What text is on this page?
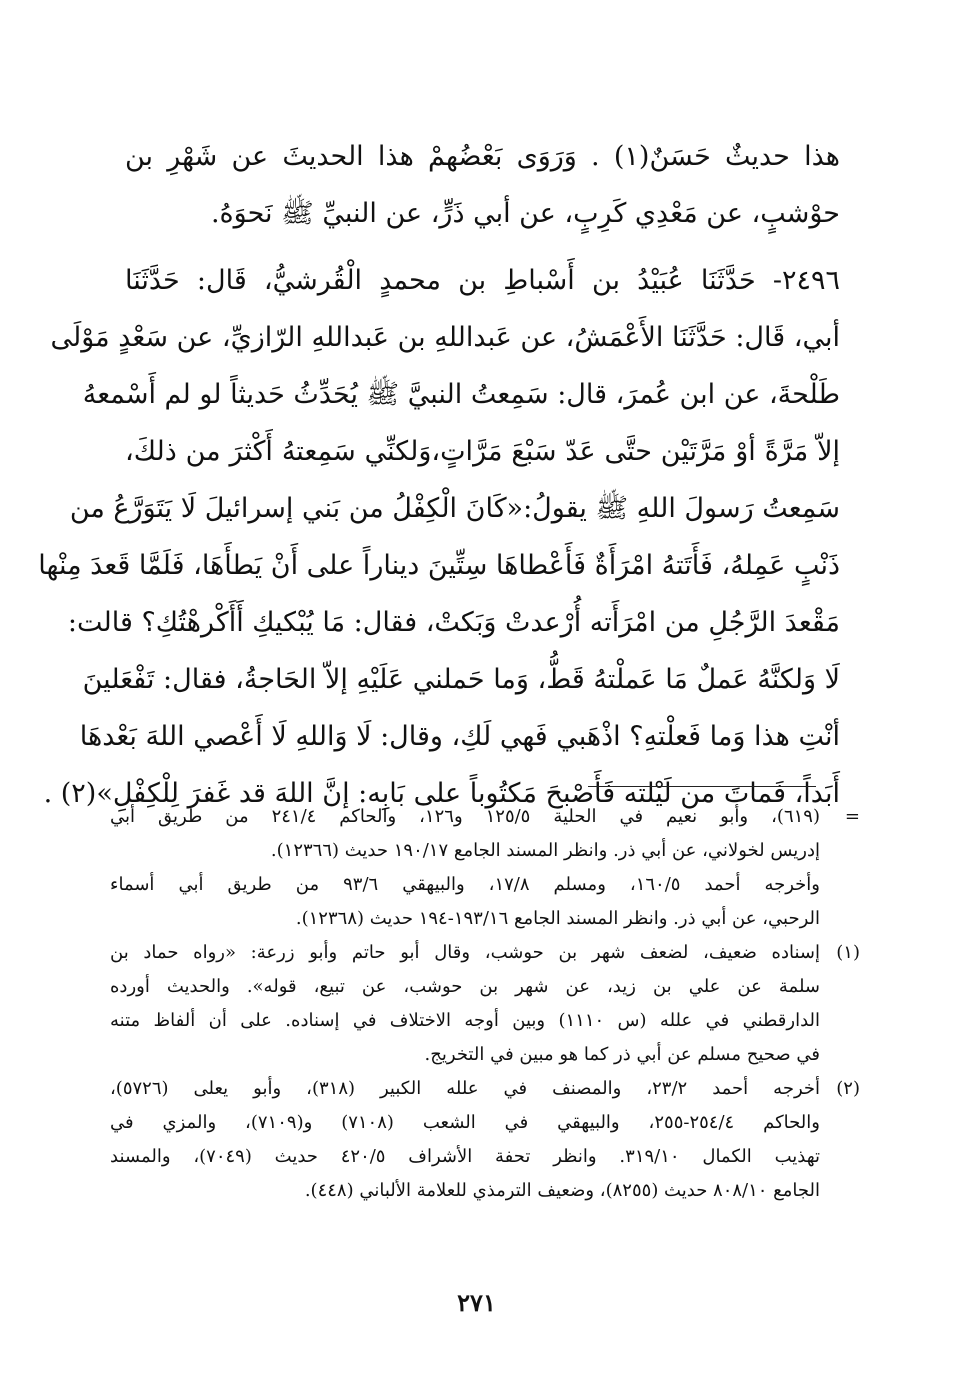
هذا حديثٌ حَسَنٌ(١) . وَرَوَى بَعْضُهمْ هذا الحديثَ عن شَهْرِ بن
حوْشبٍ، عن مَعْدِي كَرِبٍ، عن أبي ذَرٍّ، عن النبيِّ ﷺ نَحوَهُ.
٢٤٩٦- حَدَّثَنَا عُبَيْدُ بن أَسْباطِ بن محمدٍ الْقُرشيُّ، قَال: حَدَّثَنَا
أبي، قَال: حَدَّثَنَا الأَعْمَشُ، عن عَبداللهِ بن عَبداللهِ الرّازيِّ، عن سَعْدٍ مَوْلَى
طَلْحةَ، عن ابن عُمرَ، قال: سَمِعتُ النبيَّ ﷺ يُحَدِّثُ حَديثاً لو لم أَسْمعهُ
إلاّ مَرَّةً أوْ مَرَّتَيْن حتَّى عَدّ سَبْعَ مَرَّاتٍ،وَلكنِّي سَمِعتهُ أَكْثرَ من ذلكَ،
سَمِعتُ رَسولَ اللهِ ﷺ يقولُ:«كَانَ الْكِفْلُ من بَني إسرائيلَ لَا يَتَوَرَّعُ من
ذَنْبٍ عَمِلهُ، فَأَتَتهُ امْرَأَةٌ فَأَعْطاهَا سِتِّينَ ديناراً على أَنْ يَطأَهَا، فَلَمَّا قَعدَ مِنْها
مَقْعدَ الرَّجُلِ من امْرَأَته أُرْعدتْ وَبَكتْ، فقال: مَا يُبْكيكِ أَأَكْرهْتُكِ؟ قالت:
لَا وَلكنَّهُ عَملٌ مَا عَملْتهُ قَطُّ، وَما حَملني عَلَيْهِ إلاّ الحَاجةُ، فقال: تَفْعَلينَ
أنْتِ هذا وَما فَعلْتهِ؟ اذْهَبي فَهي لَكِ، وقال: لَا وَاللهِ لَا أَعْصي اللهَ بَعْدهَا
أَبَداً، فَماتَ من لَيْلته فَأَصْبحَ مَكتُوباً على بَابِه: إنَّ اللهَ قد غَفرَ لِلْكِفْلِ»(٢) .
=
(٦١٩)، وأبو نعيم في الحلية ١٢٥/٥ و١٢٦، والحاكم ٢٤١/٤ من طريق أبي
إدريس لخولاني، عن أبي ذر. وانظر المسند الجامع ١٩٠/١٧ حديث (١٢٣٦٦).
وأخرجه أحمد ١٦٠/٥، ومسلم ١٧/٨، والبيهقي ٩٣/٦ من طريق أبي أسماء
الرحبي، عن أبي ذر. وانظر المسند الجامع ١٩٣/١٦-١٩٤ حديث (١٢٣٦٨).
(١)
إسناده ضعيف، لضعف شهر بن حوشب، وقال أبو حاتم وأبو زرعة: «رواه حماد بن
سلمة عن علي بن زيد، عن شهر بن حوشب، عن تبيع، قوله». والحديث أورده
الدارقطني في علله (س ١١١٠) وبين أوجه الاختلاف في إسناده. على أن ألفاظ متنه
في صحيح مسلم عن أبي ذر كما هو مبين في التخريج.
(٢)
أخرجه أحمد ٢٣/٢، والمصنف في علله الكبير (٣١٨)، وأبو يعلى (٥٧٢٦)،
والحاكم ٢٥٤/٤-٢٥٥، والبيهقي في الشعب (٧١٠٨) و(٧١٠٩)، والمزي في
تهذيب الكمال ٣١٩/١٠. وانظر تحفة الأشراف ٤٢٠/٥ حديث (٧٠٤٩)، والمسند
الجامع ٨٠٨/١٠ حديث (٨٢٥٥)، وضعيف الترمذي للعلامة الألباني (٤٤٨).
٢٧١
